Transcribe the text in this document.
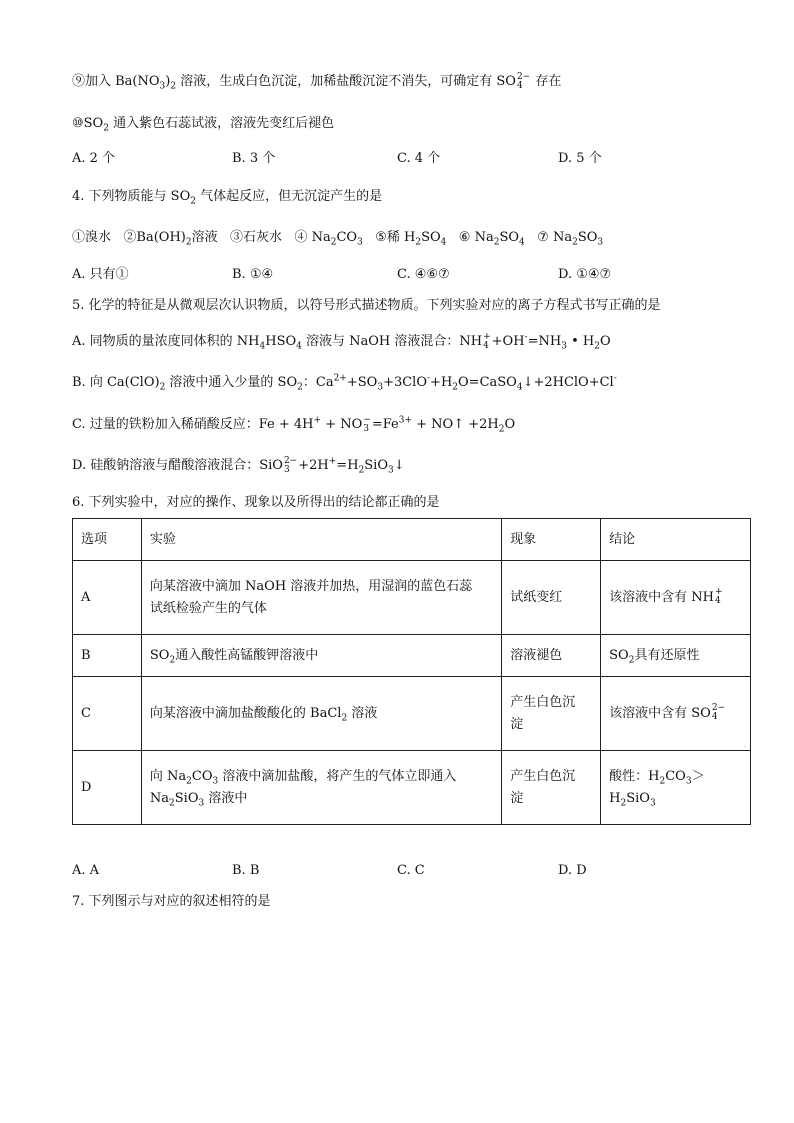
⑨加入 $Ba(NO_3)_2$ 溶液，生成白色沉淀，加稀盐酸沉淀不消失，可确定有 SO 2−
4 存在
$⑩SO_2$ 通入紫色石蕊试液，溶液先变红后褪色
A. 2 个	B. 3 个	C. 4 个	D. 5 个
4. 下列物质能与 $SO_2$ 气体起反应，但无沉淀产生的是
①溴水 $②Ba(OH)_2$溶液 ③石灰水 ④ $Na_2CO_3$ ⑤稀 $H_2SO_4$ ⑥ $Na_2SO_4$ ⑦ $Na_2SO_3$
A. 只有①	B. ①④	C. ④⑥⑦	D. ①④⑦
5. 化学的特征是从微观层次认识物质，以符号形式描述物质。下列实验对应的离子方程式书写正确的是
A. 同物质的量浓度同体积的 $NH_4HSO_4$ 溶液与 NaOH 溶液混合：NH +
$4 +OH^-=NH_3$ • $H_2O$
B. 向 $Ca(ClO)_2$ 溶液中通入少量的 $SO_2$：$Ca^{2+}+SO_3+3ClO^-+H_2O=CaSO_4↓+2HClO+Cl^-$
C. 过量的铁粉加入稀硝酸反应：Fe + 4H+ + NO −
$3 =Fe^{3+}$ + NO↑ $+2H_2O$
D. 硅酸钠溶液与醋酸溶液混合：SiO 2−
$3 +2H^+=H_2SiO_3↓$
6. 下列实验中，对应的操作、现象以及所得出的结论都正确的是
选项	实验	现象	结论
A	向某溶液中滴加 NaOH 溶液并加热，用湿润的蓝色石蕊
试纸检验产生的气体	试纸变红	该溶液中含有 NH +
4

B	$SO_2$通入酸性高锰酸钾溶液中	溶液褪色	$SO_2$具有还原性
C	向某溶液中滴加盐酸酸化的 BaCl$_2$ 溶液	产生白色沉
淀	该溶液中含有 SO 2−
4

D	向 $Na_2CO_3$ 溶液中滴加盐酸，将产生的气体立即通入
$Na_2SiO_3$ 溶液中	产生白色沉
淀	酸性：$H_2CO_3>$
$H_2SiO_3$
A. A	B. B	C. C	D. D
7. 下列图示与对应的叙述相符的是
